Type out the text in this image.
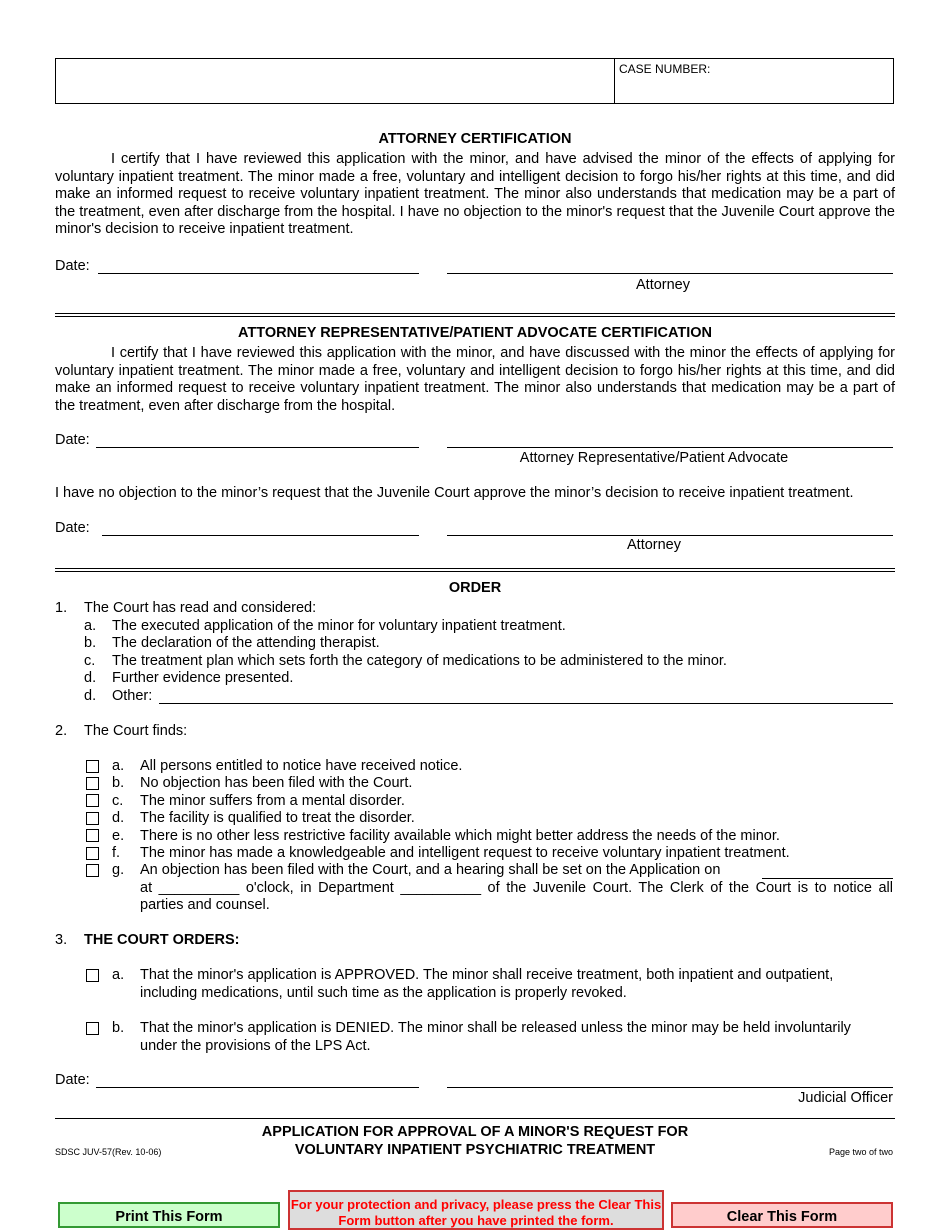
CASE NUMBER:
ATTORNEY CERTIFICATION
I certify that I have reviewed this application with the minor, and have advised the minor of the effects of applying for voluntary inpatient treatment. The minor made a free, voluntary and intelligent decision to forgo his/her rights at this time, and did make an informed request to receive voluntary inpatient treatment. The minor also understands that medication may be a part of the treatment, even after discharge from the hospital. I have no objection to the minor's request that the Juvenile Court approve the minor's decision to receive inpatient treatment.
Date:
Attorney
ATTORNEY REPRESENTATIVE/PATIENT ADVOCATE CERTIFICATION
I certify that I have reviewed this application with the minor, and have discussed with the minor the effects of applying for voluntary inpatient treatment. The minor made a free, voluntary and intelligent decision to forgo his/her rights at this time, and did make an informed request to receive voluntary inpatient treatment. The minor also understands that medication may be a part of the treatment, even after discharge from the hospital.
Date:
Attorney Representative/Patient Advocate
I have no objection to the minor’s request that the Juvenile Court approve the minor’s decision to receive inpatient treatment.
Date:
Attorney
ORDER
1. The Court has read and considered:
a. The executed application of the minor for voluntary inpatient treatment.
b. The declaration of the attending therapist.
c. The treatment plan which sets forth the category of medications to be administered to the minor.
d. Further evidence presented.
d. Other:
2. The Court finds:
a. All persons entitled to notice have received notice.
b. No objection has been filed with the Court.
c. The minor suffers from a mental disorder.
d. The facility is qualified to treat the disorder.
e. There is no other less restrictive facility available which might better address the needs of the minor.
f. The minor has made a knowledgeable and intelligent request to receive voluntary inpatient treatment.
g. An objection has been filed with the Court, and a hearing shall be set on the Application on
at __________ o'clock, in Department __________ of the Juvenile Court. The Clerk of the Court is to notice all
parties and counsel.
3. THE COURT ORDERS:
a. That the minor's application is APPROVED. The minor shall receive treatment, both inpatient and outpatient,
including medications, until such time as the application is properly revoked.
b. That the minor's application is DENIED. The minor shall be released unless the minor may be held involuntarily
under the provisions of the LPS Act.
Date:
Judicial Officer
SDSC JUV-57(Rev. 10-06)
APPLICATION FOR APPROVAL OF A MINOR'S REQUEST FOR
VOLUNTARY INPATIENT PSYCHIATRIC TREATMENT	Page two of two
Print This Form
For your protection and privacy, please press the Clear This Form button after you have printed the form.	Clear This Form
